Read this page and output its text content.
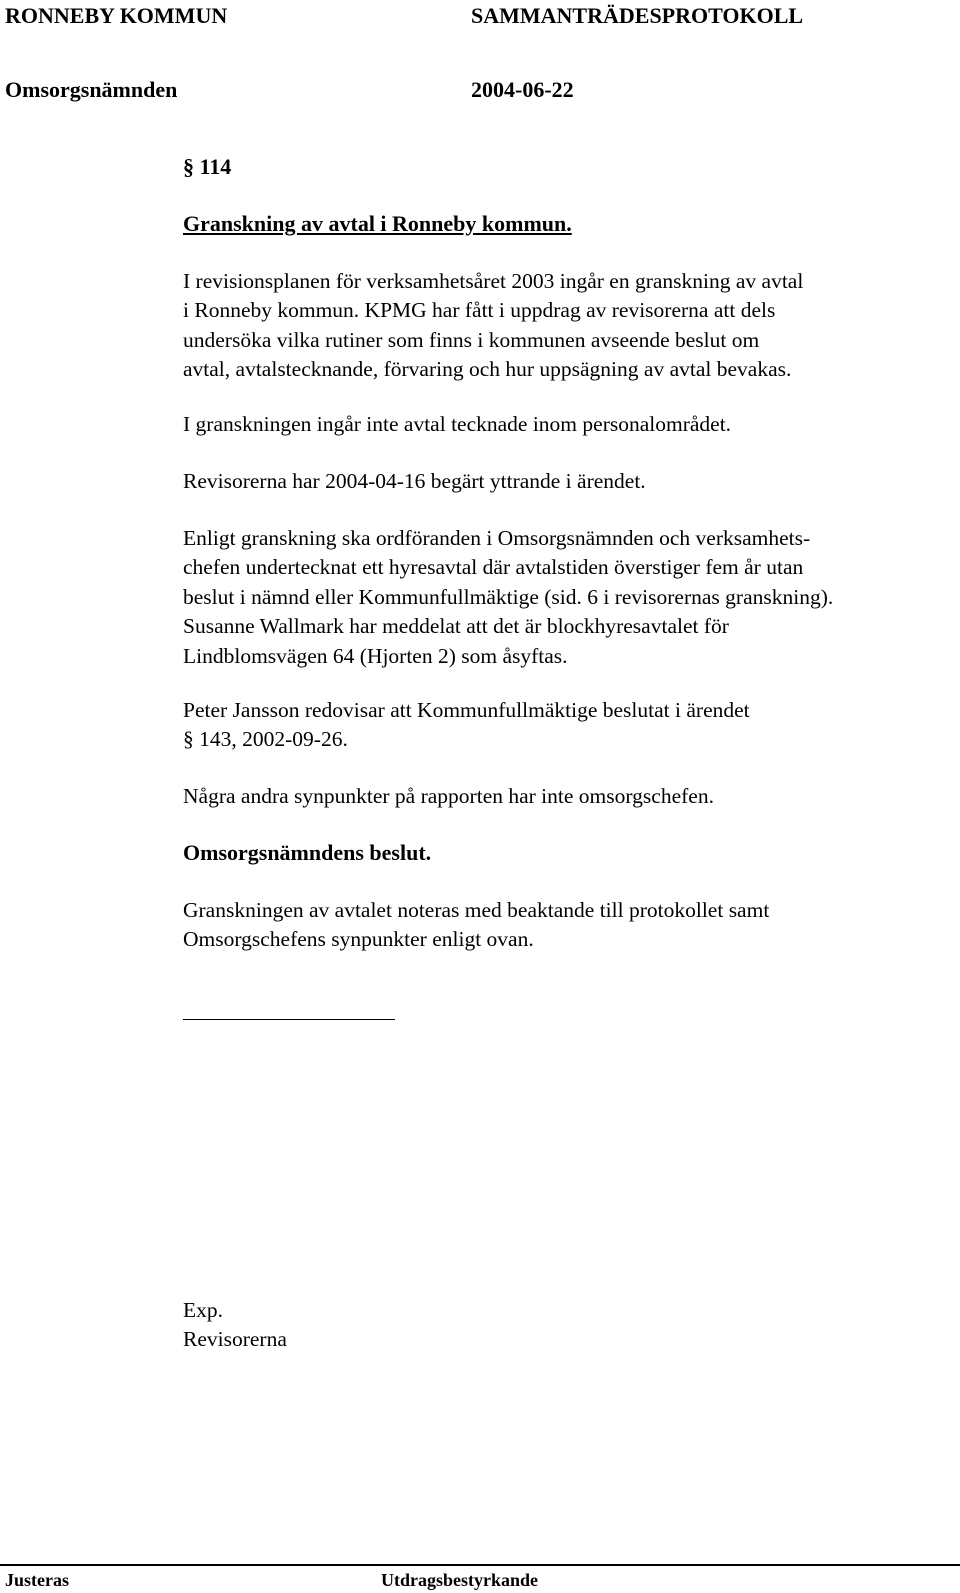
RONNEBY KOMMUN	SAMMANTRÄDESPROTOKOLL
Omsorgsnämnden	2004-06-22
§ 114
Granskning av avtal i Ronneby kommun.
I revisionsplanen för verksamhetsåret 2003 ingår en granskning av avtal
i Ronneby kommun. KPMG har fått i uppdrag av revisorerna att dels
undersöka vilka rutiner som finns i kommunen avseende beslut om
avtal, avtalstecknande, förvaring och hur uppsägning av avtal bevakas.
I granskningen ingår inte avtal tecknade inom personalområdet.
Revisorerna har 2004-04-16 begärt yttrande i ärendet.
Enligt granskning ska ordföranden i Omsorgsnämnden och verksamhets-
chefen undertecknat ett hyresavtal där avtalstiden överstiger fem år utan
beslut i nämnd eller Kommunfullmäktige (sid. 6 i revisorernas granskning).
Susanne Wallmark har meddelat att det är blockhyresavtalet för
Lindblomsvägen 64 (Hjorten 2) som åsyftas.
Peter Jansson redovisar att Kommunfullmäktige beslutat i ärendet
§ 143, 2002-09-26.
Några andra synpunkter på rapporten har inte omsorgschefen.
Omsorgsnämndens beslut.
Granskningen av avtalet noteras med beaktande till protokollet samt
Omsorgschefens synpunkter enligt ovan.
Exp.
Revisorerna
Justeras	Utdragsbestyrkande
